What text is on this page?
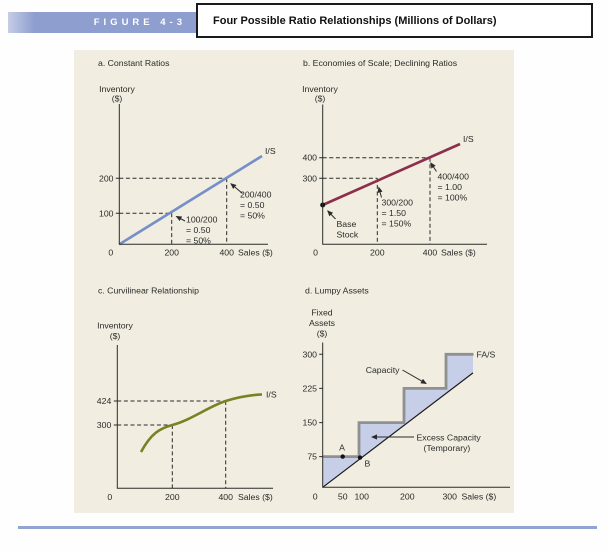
FIGURE 4-3	Four Possible Ratio Relationships (Millions of Dollars)
a. Constant Ratios
Inventory
($)
200
100
0	200	400 Sales ($)
I/S
200/400
= 0.50
= 50%
100/200
= 0.50
= 50%
b. Economies of Scale; Declining Ratios
Inventory
($)
400
300
0	200	400 Sales ($)
I/S
Base
Stock
300/200
= 1.50
= 150%
400/400
= 1.00
= 100%
c. Curvilinear Relationship
Inventory
($)
424
300
0	200	400 Sales ($)
I/S
d. Lumpy Assets
Fixed
Assets
($)
300
225
150
75
0 50 100	200	300 Sales ($)
FA/S
A
B
Capacity
Excess Capacity
(Temporary)
